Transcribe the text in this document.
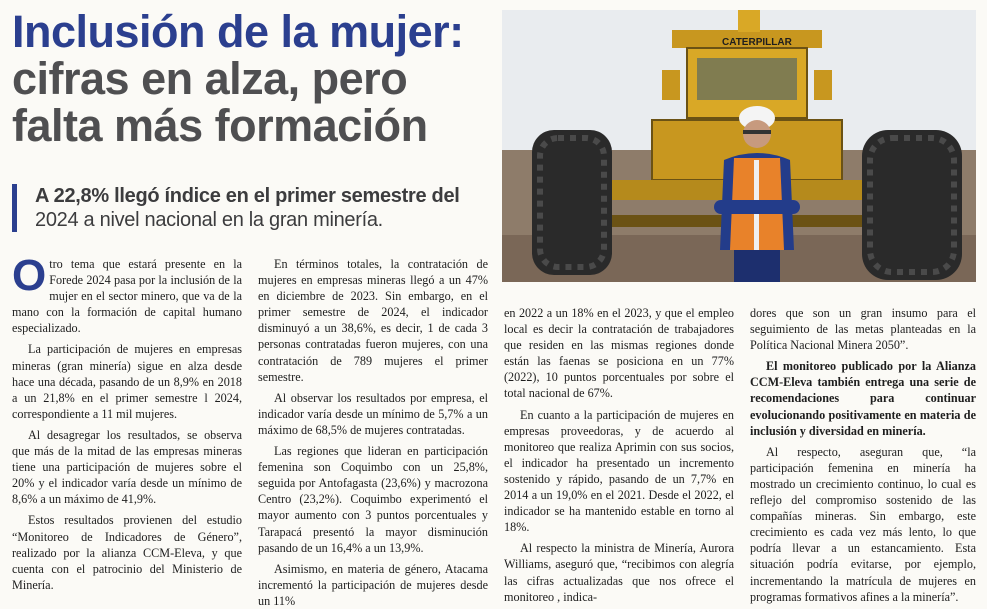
Inclusión de la mujer:
cifras en alza, pero
falta más formación
A 22,8% llegó índice en el primer semestre del
2024 a nivel nacional en la gran minería.
CATERPILLAR

Otro tema que estará presente en la Forede 2024 pasa por la inclusión de la mujer en el sector minero, que va de la mano con la formación de capital humano especializado.

La participación de mujeres en empresas mineras (gran minería) sigue en alza desde hace una década, pasando de un 8,9% en 2018 a un 21,8% en el primer semestre l 2024, correspondiente a 11 mil mujeres.

Al desagregar los resultados, se observa que más de la mitad de las empresas mineras tiene una participación de mujeres sobre el 20% y el indicador varía desde un mínimo de 8,6% a un máximo de 41,9%.

Estos resultados provienen del estudio “Monitoreo de Indicadores de Género”, realizado por la alianza CCM-Eleva, y que cuenta con el patrocinio del Ministerio de Minería.

En términos totales, la contratación de mujeres en empresas mineras llegó a un 47% en diciembre de 2023. Sin embargo, en el primer semestre de 2024, el indicador disminuyó a un 38,6%, es decir, 1 de cada 3 personas contratadas fueron mujeres, con una contratación de 789 mujeres el primer semestre.

Al observar los resultados por empresa, el indicador varía desde un mínimo de 5,7% a un máximo de 68,5% de mujeres contratadas.

Las regiones que lideran en participación femenina son Coquimbo con un 25,8%, seguida por Antofagasta (23,6%) y macrozona Centro (23,2%). Coquimbo experimentó el mayor aumento con 3 puntos porcentuales y Tarapacá presentó la mayor disminución pasando de un 16,4% a un 13,9%.

Asimismo, en materia de género, Atacama incrementó la participación de mujeres desde un 11%

en 2022 a un 18% en el 2023, y que el empleo local es decir la contratación de trabajadores que residen en las mismas regiones donde están las faenas se posiciona en un 77% (2022), 10 puntos porcentuales por sobre el total nacional de 67%.

En cuanto a la participación de mujeres en empresas proveedoras, y de acuerdo al monitoreo que realiza Aprimin con sus socios, el indicador ha presentado un incremento sostenido y rápido, pasando de un 7,7% en 2014 a un 19,0% en el 2021. Desde el 2022, el indicador se ha mantenido estable en torno al 18%.

Al respecto la ministra de Minería, Aurora Williams, aseguró que, “recibimos con alegría las cifras actualizadas que nos ofrece el monitoreo , indica-

dores que son un gran insumo para el seguimiento de las metas planteadas en la Política Nacional Minera 2050”.

El monitoreo publicado por la Alianza CCM-Eleva también entrega una serie de recomendaciones para continuar evolucionando positivamente en materia de inclusión y diversidad en minería.

Al respecto, aseguran que, “la participación femenina en minería ha mostrado un crecimiento continuo, lo cual es reflejo del compromiso sostenido de las compañías mineras. Sin embargo, este crecimiento es cada vez más lento, lo que podría llevar a un estancamiento. Esta situación podría evitarse, por ejemplo, incrementando la matrícula de mujeres en programas formativos afines a la minería”.
